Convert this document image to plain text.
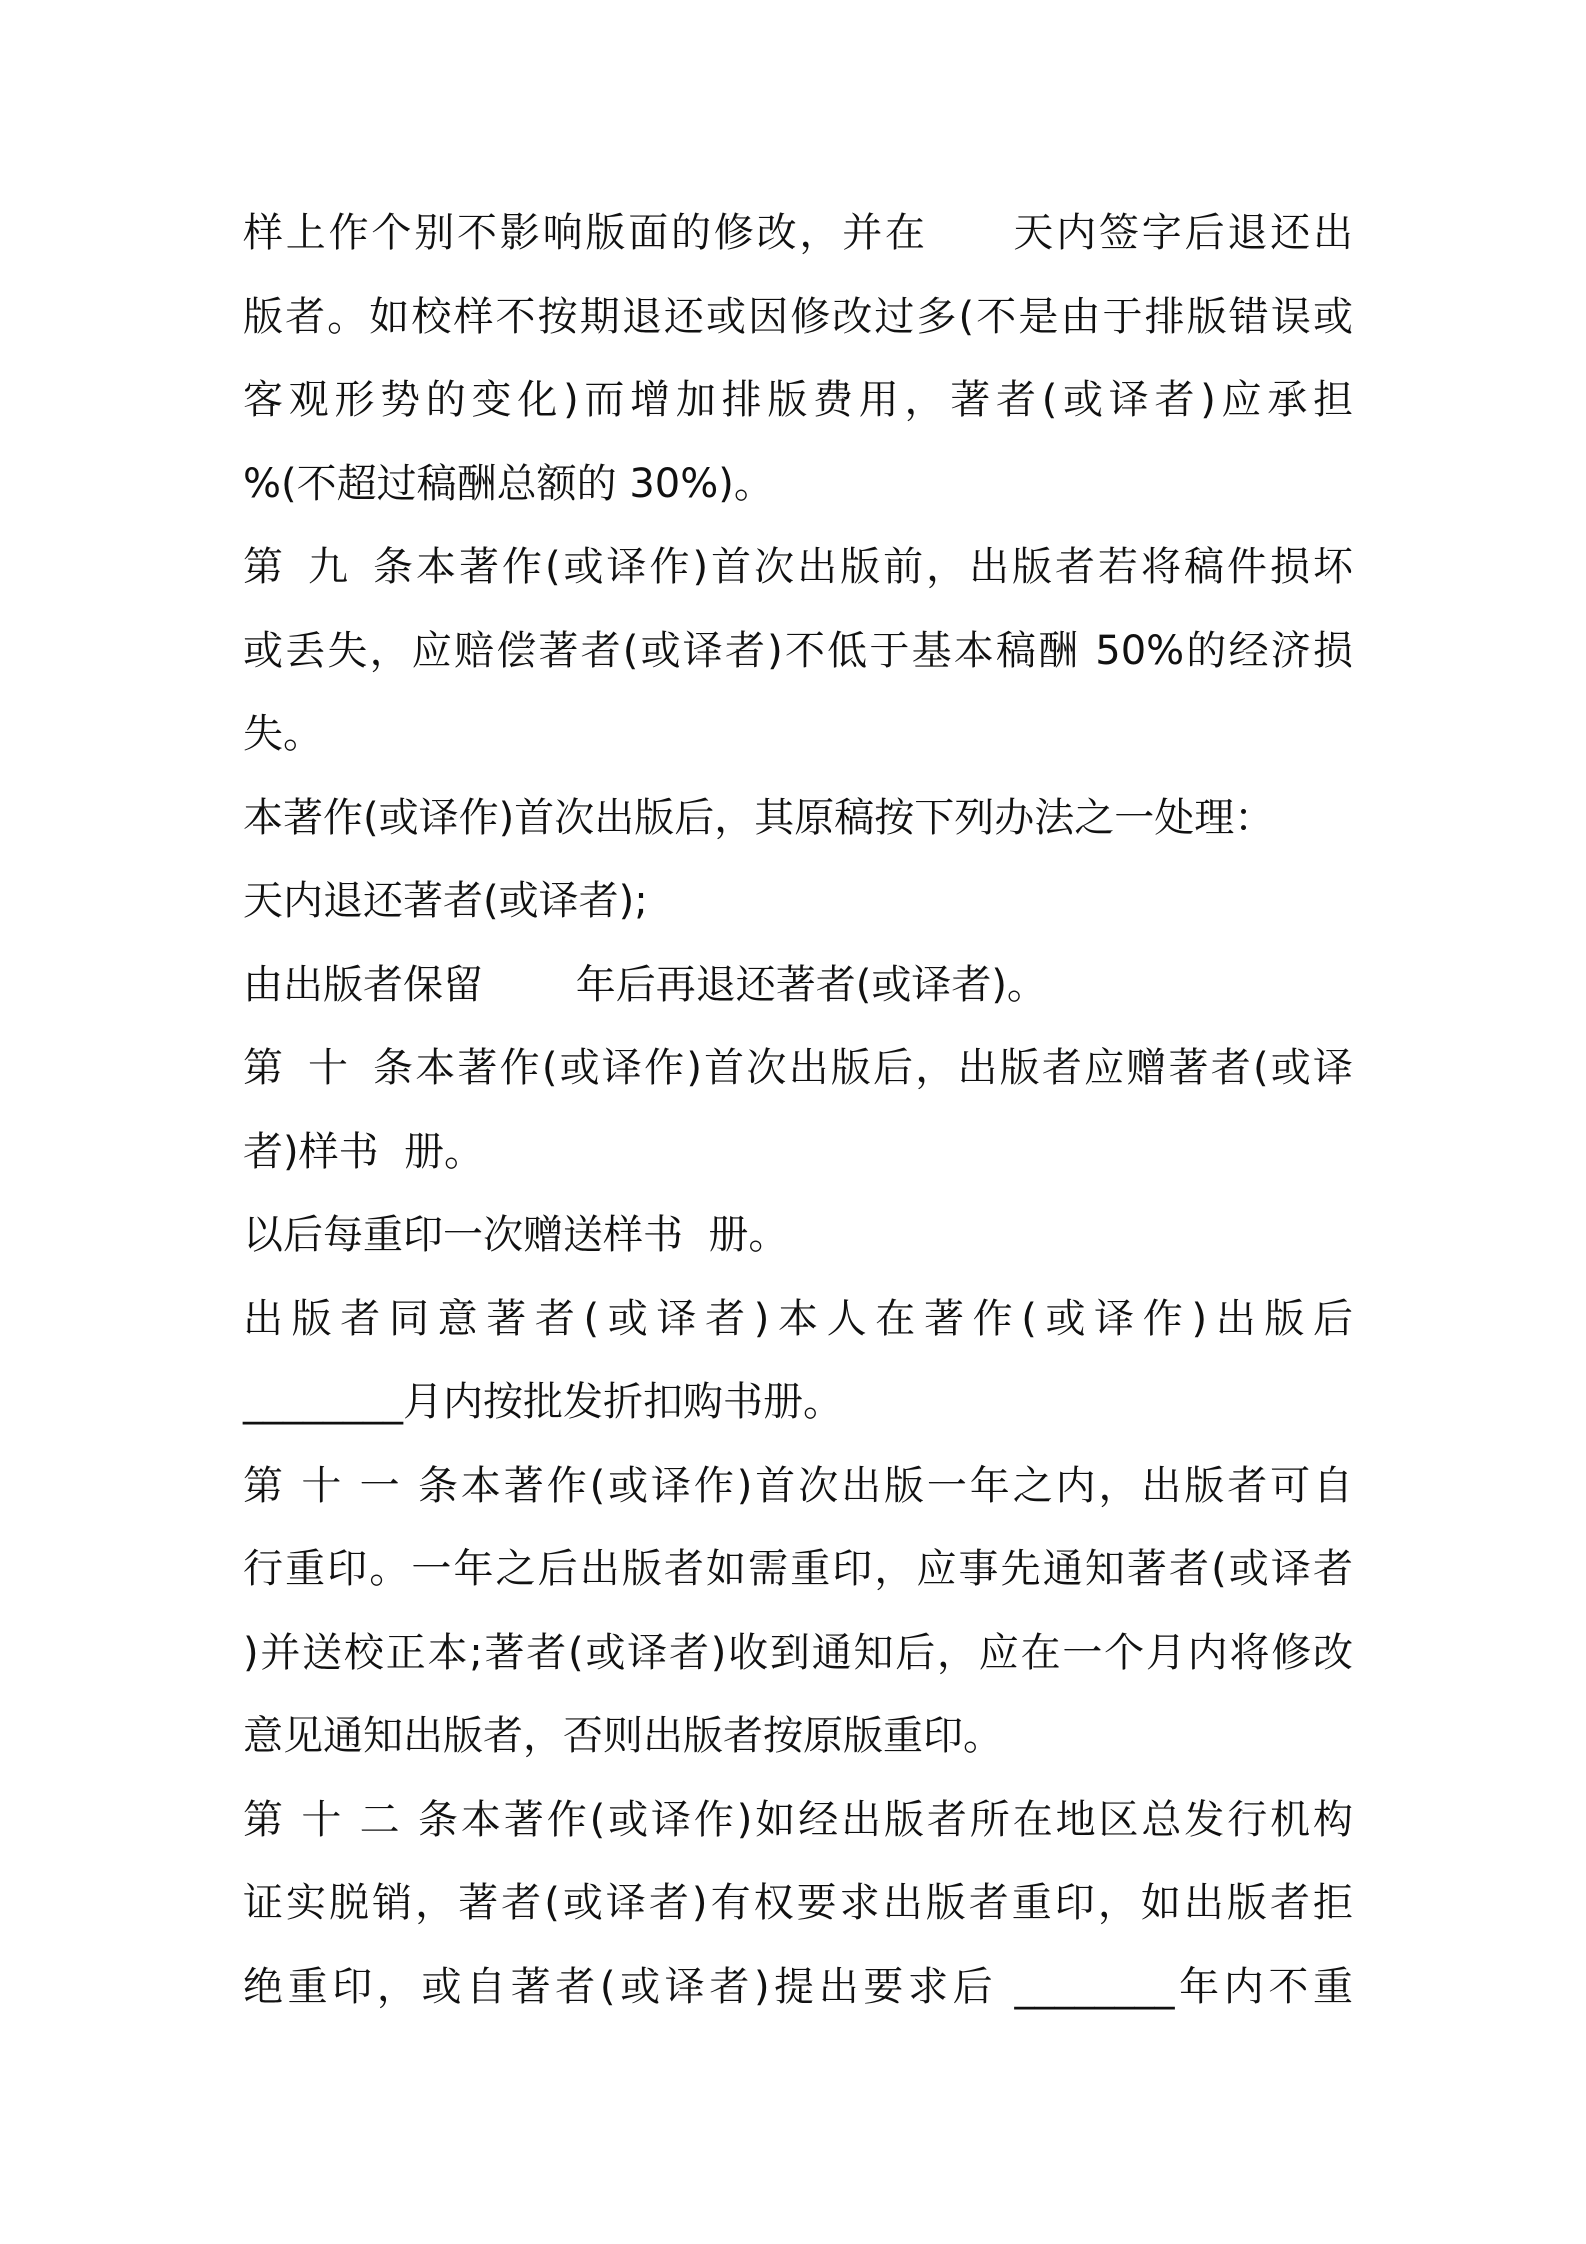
样上作个别不影响版面的修改，并在　　天内签字后退还出
版者。如校样不按期退还或因修改过多(不是由于排版错误或
客观形势的变化)而增加排版费用，著者(或译者)应承担
%(不超过稿酬总额的 30%)。
第九条本著作(或译作)首次出版前，出版者若将稿件损坏
或丢失，应赔偿著者(或译者)不低于基本稿酬 50%的经济损
失。
本著作(或译作)首次出版后，其原稿按下列办法之一处理：
天内退还著者(或译者);
由出版者保留　　 年后再退还著者(或译者)。
第十条本著作(或译作)首次出版后，出版者应赠著者(或译
者)样书  册。
以后每重印一次赠送样书  册。
出版者同意著者(或译者)本人在著作(或译作)出版后
________月内按批发折扣购书册。
第十一条本著作(或译作)首次出版一年之内，出版者可自
行重印。一年之后出版者如需重印，应事先通知著者(或译者
)并送校正本;著者(或译者)收到通知后，应在一个月内将修改
意见通知出版者，否则出版者按原版重印。
第十二条本著作(或译作)如经出版者所在地区总发行机构
证实脱销，著者(或译者)有权要求出版者重印，如出版者拒
绝重印，或自著者(或译者)提出要求后 ________年内不重
